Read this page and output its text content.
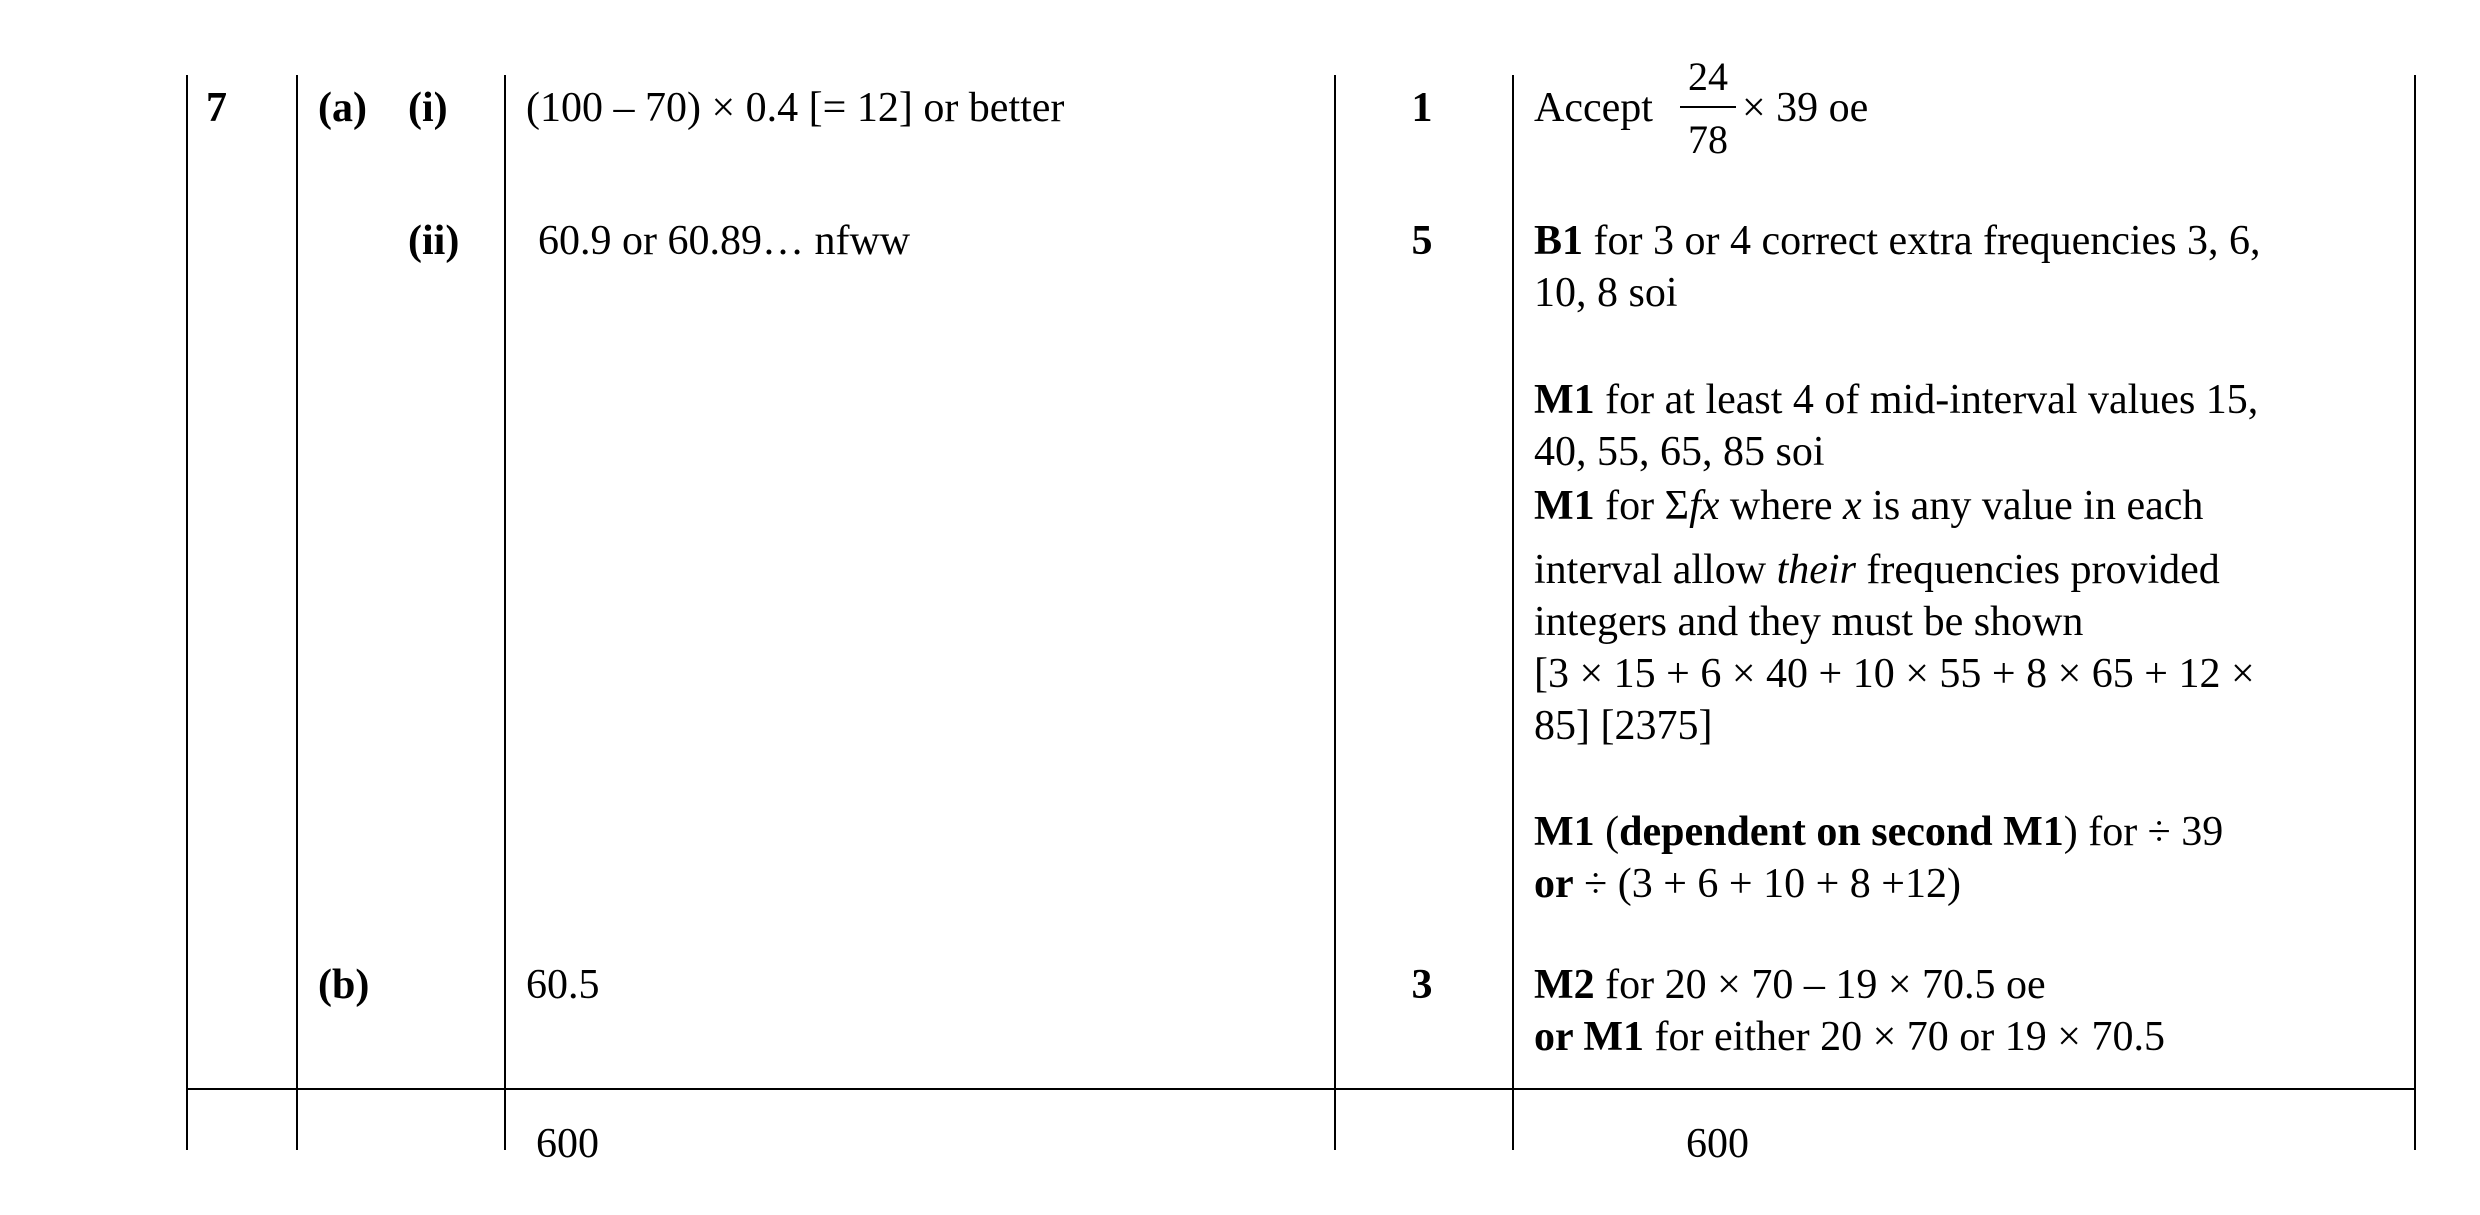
7 (a) (i) (100 – 70) × 0.4 [= 12] or better	1	Accept
24
78
× 39 oe
(ii) 60.9 or 60.89… nfww	5	B1 for 3 or 4 correct extra frequencies 3, 6,
10, 8 soi
M1 for at least 4 of mid-interval values 15,
40, 55, 65, 85 soi
M1 for Σfx where x is any value in each
interval allow their frequencies provided
integers and they must be shown
[3 × 15 + 6 × 40 + 10 × 55 + 8 × 65 + 12 ×
85] [2375]
M1 (dependent on second M1) for ÷ 39
or ÷ (3 + 6 + 10 + 8 +12)
(b)	60.5	3	M2 for 20 × 70 – 19 × 70.5 oe
or M1 for either 20 × 70 or 19 × 70.5
600	600
